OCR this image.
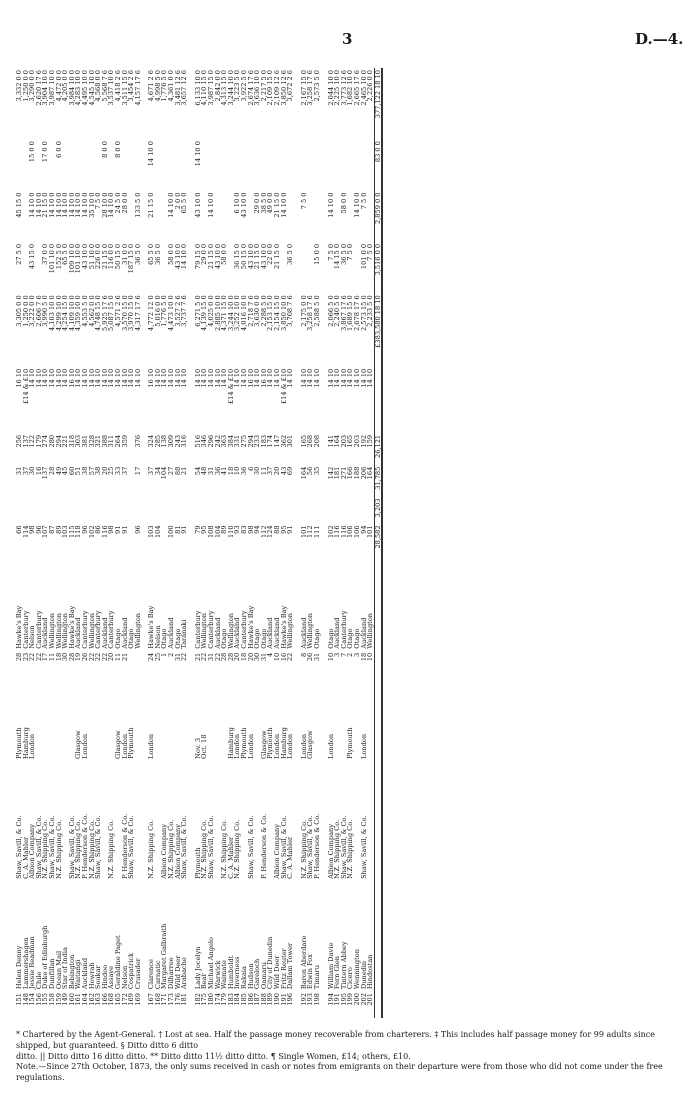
3	D.—4.
151	Helen Denny	Shaw, Savill, & Co.	Plymouth	28	Hawke's Bay	66		31	256	16 10	3,305 0 0	27 5 0	45 15 0		3,332 0 0
148	Lammershagen	C. A. Mahler	Hamburg	23	Canterbury	114		37	137	£14 & £10	1,250 0 0				1,250 0 0
154	Jessie Readman	Albion Company	London	22	Nelson	98		30	122	14 10	3,222 0 0	43 15 0	14 10 0	15 0 0	3,290 0 0
156	Chile	Shaw, Savill, & Co.		22	Canterbury	96		16	179	14 10	2,606 7 6		14 10 0		2,620 17 6
155	Duke of Edinburgh	N.Z. Shipping Co.		17	Auckland	107		137	274	14 10	3,990 5 0	37 0 0	21 15 0	17 0 0	3,904 10 0
158	Dunfillan	Shaw, Savill, & Co.		11	Wellington	87		28	280	14 10	4,103 10 0	101 10 0	14 10 0		3,987 10 0
159	Ocean Mail	N.Z. Shipping Co.		18	Wellington	89		49	294	14 10	4,299 10 0	152 5 0	14 10 0	6 0 0	4,472 0 0
149	Star of India			30	Wellington	103		45	221	14 10	4,254 15 0	65 5 0	14 10 0		4,205 0 0
160	Bebington	Shaw, Savill, & Co.		28	Hawke's Bay	115		60	318	16 10	4,109 10 0	109 10 0	14 10 0		3,984 10 0
161	Waitangi	N.Z. Shipping Co.	Glasgow	19	Auckland	118		51	303	14 10	4,359 10 0	101 10 0	14 10 0		4,283 10 0
164	Auckland	P. Henderson & Co.	London	26	Canterbury	96		38	381	14 10	4,553 5 0	43 10 0	14 10 0		4,495 10 0
162	Howrah	N.Z. Shipping Co.		22	Wellington	102		57	328	14 10	4,562 0 0	51 10 0	35 10 0		4,545 10 0
163	Soukar	Shaw, Savill, & Co.		22	Canterbury	86		38	321	14 10	4,748 15 0	226 0 0	7 5 0		4,568 0 0
166	Hindoo			22	Auckland	116		20	388	14 10	5,925 17 6	21 15 0	28 10 0	8 0 0	5,568 7 6
168	Assaye	N.Z. Shipping Co.		20	Canterbury	98		25	311	14 10	5,087 15 0	116 0 0	14 10 0		3,537 10 0
165	Geraldine Paget		Glasgow	11	Otago	91		33	264	14 10	4,571 2 6	50 15 0	24 5 0	8 0 0	4,418 2 6
172	Nelson	P. Henderson & Co.	London	21	Auckland	91		37	359	14 10	3,570 15 0	31 0 0	28 0 0		3,511 15 0
169	Cospatrick	Shaw, Savill, & Co.	Plymouth		Otago					14 10	3,970 15 0	187 15 0			3,454 2 6
169	Crusader				Wellington	96		17	376	14 10	4,317 17 6	36 5 0	133 5 0		4,157 17 6

167	Clarence	N.Z. Shipping Co.	London	24	Hawke's Bay	103		37	324	16 10	4,772 12 0	65 5 0	21 15 0	14 10 0	4,671 2 6
168	Carnatic			25	Nelson	104		34	285	14 10	5,016 0 0	36 5 0			4,998 5 0
171	Margaret Galbraith	Albion Company		1	Otago			104	138	14 10	1,776 5 0				1,776 5 0
173	Dilharree	N.Z. Shipping Co.		2	Auckland	100		27	309	14 10	4,473 10 0	58 0 0	14 10 0		4,361 0 0
176	Wild Deer	Albion Company		31	Otago	81		88	243	14 10	3,527 2 6	43 10 0	2 0 0		3,481 12 6
181	Arabache	Shaw, Savill, & Co.		22	Taranaki	91		21	316	14 10	3,737 7 6	14 10 0	65 5 0		3,657 12 6

182	Lady Jocelyn	Plymouth	Nov. 3	21	Canterbury	79		54	516	14 10	6,271 5 0	79 15 0	43 10 0	14 10 0	6,133 10 0
175	Bear	N.Z. Shipping Co.	Oct. 18	22	Wellington	95		48	346	14 10	4,139 15 0	29 0 0			4,110 15 0
180	Michael Angelo	Shaw, Savill, & Co.		31	Canterbury	108		31	296	14 10	4,025 0 0	21 15 0	14 10 0		3,987 15 0
174	Warwick			22	Auckland	104		36	242	14 10	2,885 10 0	43 10 0			2,842 0 0
179	Waimate	N.Z. Shipping Co.		28	Otago	89		41	363	14 10	4,371 15 0	58 0 0			4,313 15 0
183	Humboldt	C. A. Mahler	Hamburg	28	Wellington	110		18	384	£14 & £10	3,244 10 0				3,244 10 0
184	Inverness	N.Z. Shipping Co.	London	20	Auckland	93		10	331	14 10	3,252 10 0	36 15 0	6 10 0		3,223 5 0
185	Rakaia		Plymouth	18	Canterbury	83		36	275	14 10	4,016 10 0	50 15 0	43 10 0		3,922 5 0
186	Hudson	Shaw, Savill, & Co.	London	20	Hawke's Bay	98		6	294	16 10	2,718 7 6	43 10 0			2,674 17 6
187	Gareloch			30	Otago	94		30	233	14 10	3,630 0 0	21 15 0	29 0 0		3,636 10 0
188	Oamaru	P. Henderson & Co.	Glasgow	31	Otago	112		11	183	16 10	2,288 5 0	43 10 0	38 5 0		2,217 5 0
189	City of Dunedin		Plymouth	4	Auckland	124		37	174	14 10	2,153 15 0	22 0 0	49 0 0		2,109 15 0
190	Wild Deer	Albion Company	London	10	Auckland	88		20	147	14 10	2,154 15 0	21 15 0	21 15 0		2,109 12 6
191	Fritz Reuter	Shaw, Savill, & Co.	Hamburg	16	Hawke's Bay	95		43	362	£14 & £10	3,850 10 0		14 10 0		3,850 12 6
196	Dallam Tower	C. A. Mahler	London	22	Wellington	91		69	301	14 10	3,708 7 6	36 5 0			3,672 2 6

192	Baron Aberdare	N.Z. Shipping Co.	London	8	Auckland	101		164	165	14 10	2,175 0 0		7 5 0		2,167 15 0
193	Edwin Fox	Shaw, Savill, & Co.	Glasgow	26	Wellington	112		56	268	14 10	3,258 17 6				3,258 17 6
198	Timaru	P. Henderson & Co.		31	Otago	111		35	208	14 10	2,588 5 0	15 0 0			2,573 5 0

194	William Davie	Albion Company	London	10	Otago	102		142	141	14 10	2,066 5 0	7 5 0	14 10 0		2,044 10 0
191	Fern Glen	N.Z. Shipping Co.		3	Auckland	116		181	164	14 10	2,240 5 0	14 15 0			2,225 10 0
195	Tintern Abbey	Shaw, Savill, & Co.		7	Canterbury	116		271	203	14 10	3,867 17 6	36 5 0	58 0 0		3,773 12 6
199	Cicero	N.Z. Shipping Co.	Plymouth	2	Otago	106		166	165	14 10	1,689 15 0	7 5 0			1,682 10 0
200	Wennington			3	Otago	106		188	203	14 10	2,678 17 6		14 10 0		2,665 17 6
202	Dunedin	Shaw, Savill, & Co.	London	18	Auckland	94		206	192	14 10	2,573 15 0	101 0 0	7 5 0		2,465 10 0
201	Hindostan			10	Wellington	101		164	159	14 10	2,233 5 0	7 5 0			2,226 0 0
						28,582	3,203	31,785	26,121		£383,580 18 10	3,516 0 0	2,859 0 0	83 0 0	377,122 18 10

* Chartered by the Agent-General. † Lost at sea. Half the passage money recoverable from charterers. ‡ This includes half passage money for 99 adults since shipped, but guaranteed. § Ditto ditto 6 ditto

ditto. || Ditto ditto 16 ditto ditto. ** Ditto ditto 11½ ditto ditto. ¶ Single Women, £14; others, £10.

Note.—Since 27th October, 1873, the only sums received in cash or notes from emigrants on their departure were from those who did not come under the free regulations.
